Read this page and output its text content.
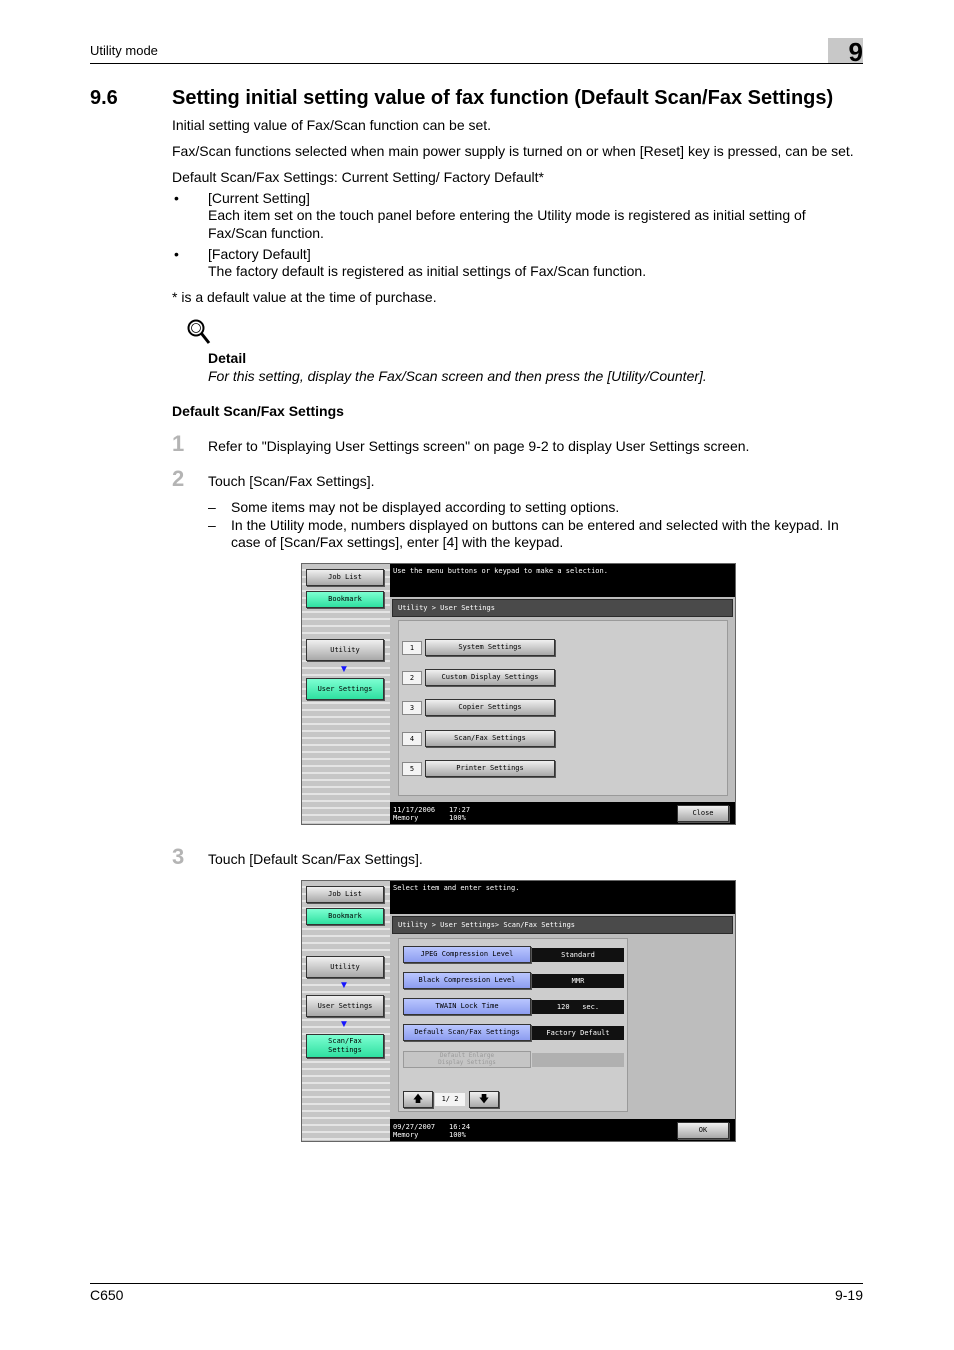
Utility mode	9
9.6	Setting initial setting value of fax function (Default Scan/Fax Settings)
Initial setting value of Fax/Scan function can be set.
Fax/Scan functions selected when main power supply is turned on or when [Reset] key is pressed, can be set.
Default Scan/Fax Settings: Current Setting/ Factory Default*
• [Current Setting]
Each item set on the touch panel before entering the Utility mode is registered as initial setting of
Fax/Scan function.
• [Factory Default]
The factory default is registered as initial settings of Fax/Scan function.
* is a default value at the time of purchase.
Detail
For this setting, display the Fax/Scan screen and then press the [Utility/Counter].
Default Scan/Fax Settings
1 Refer to "Displaying User Settings screen" on page 9-2 to display User Settings screen.
2 Touch [Scan/Fax Settings].
– Some items may not be displayed according to setting options.
– In the Utility mode, numbers displayed on buttons can be entered and selected with the keypad. In
case of [Scan/Fax settings], enter [4] with the keypad.
Job List
Bookmark
Utility
▼
User Settings
Use the menu buttons or keypad to make a selection.
Utility > User Settings
1	System Settings
2	Custom Display Settings
3	Copier Settings
4	Scan/Fax Settings
5	Printer Settings
11/17/2006 17:27
Memory	100%
Close
3 Touch [Default Scan/Fax Settings].
Job List
Bookmark
Utility
▼
User Settings
▼
Scan/Fax
Settings
Select item and enter setting.
Utility > User Settings> Scan/Fax Settings
JPEG Compression Level	Standard
Black Compression Level	MMR
TWAIN Lock Time	120   sec.
Default Scan/Fax Settings	Factory Default
Default Enlarge
Display Settings
🡅	1/ 2	🡇
09/27/2007 16:24
Memory	100%
OK
C650	9-19
